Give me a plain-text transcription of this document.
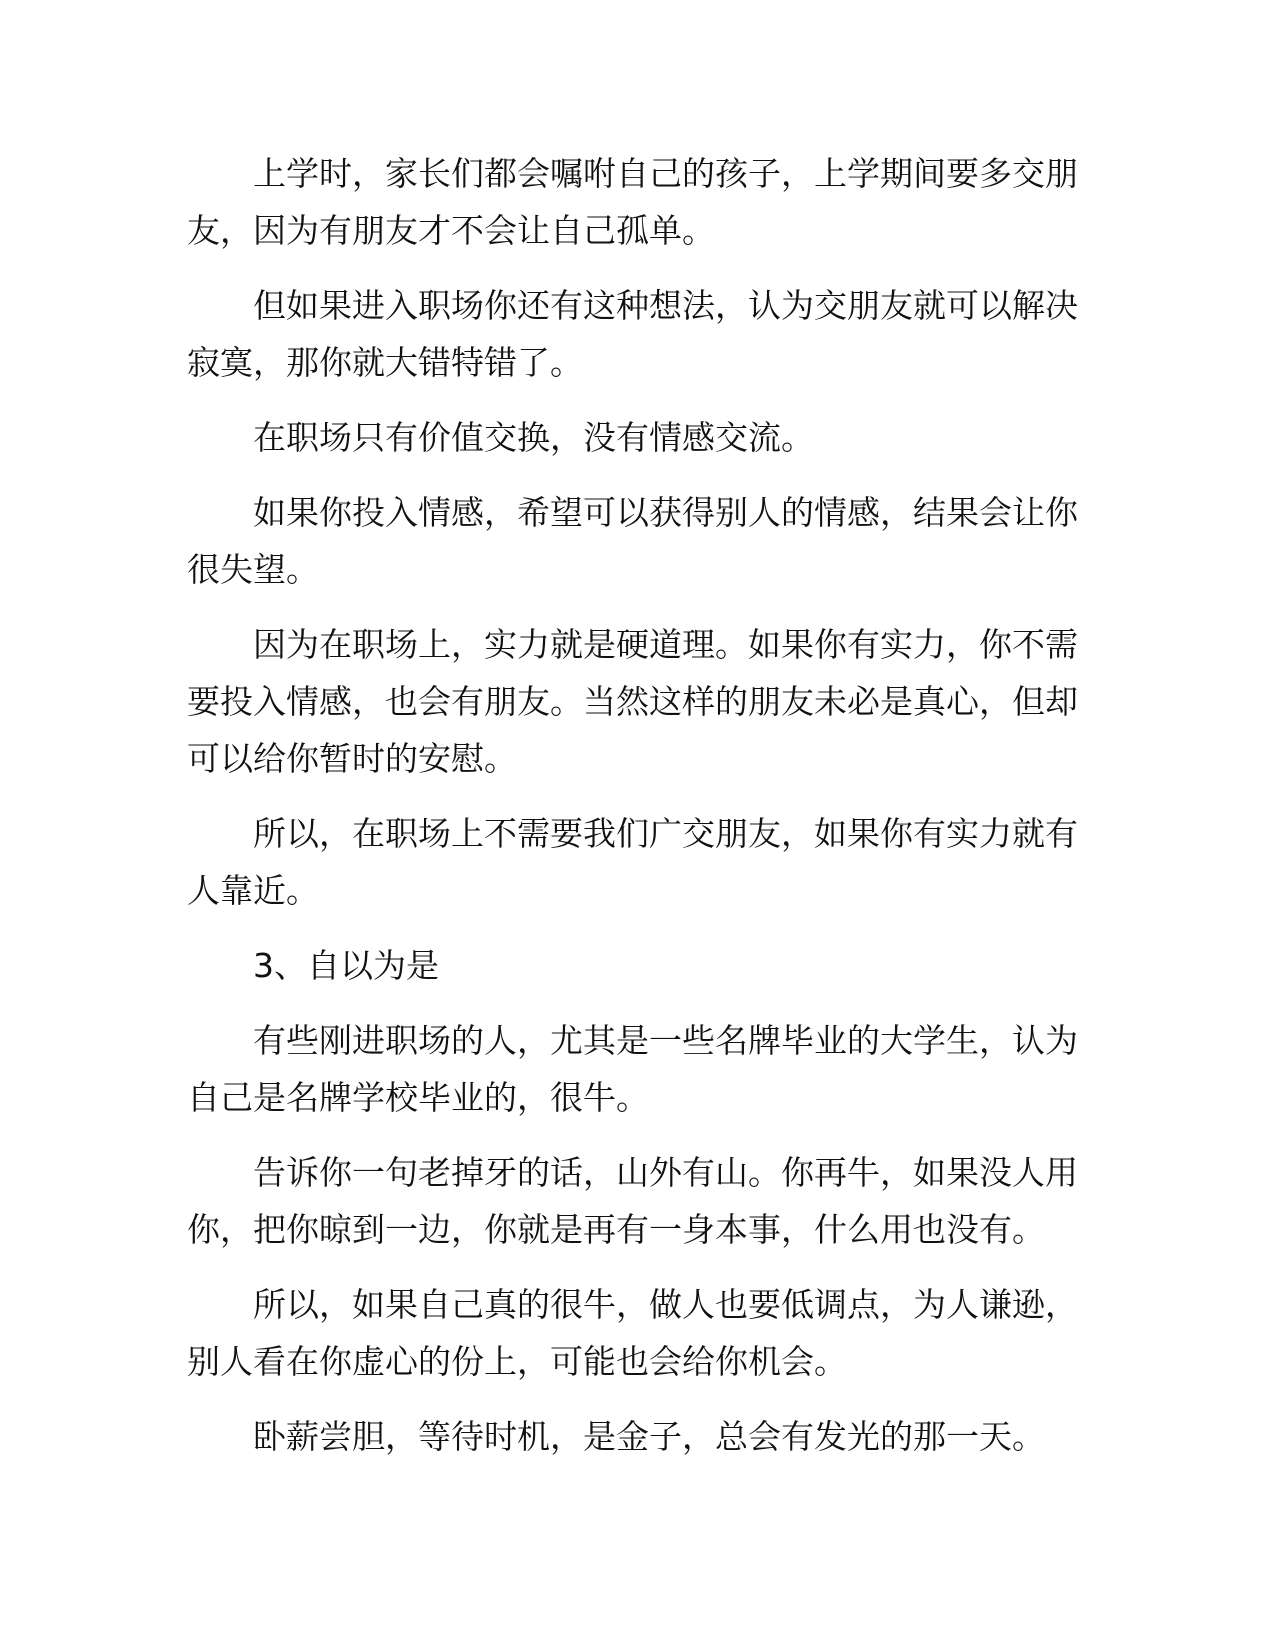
上学时，家长们都会嘱咐自己的孩子，上学期间要多交朋友，因为有朋友才不会让自己孤单。

但如果进入职场你还有这种想法，认为交朋友就可以解决寂寞，那你就大错特错了。

在职场只有价值交换，没有情感交流。

如果你投入情感，希望可以获得别人的情感，结果会让你很失望。

因为在职场上，实力就是硬道理。如果你有实力，你不需要投入情感，也会有朋友。当然这样的朋友未必是真心，但却可以给你暂时的安慰。

所以，在职场上不需要我们广交朋友，如果你有实力就有人靠近。

3、自以为是

有些刚进职场的人，尤其是一些名牌毕业的大学生，认为自己是名牌学校毕业的，很牛。

告诉你一句老掉牙的话，山外有山。你再牛，如果没人用你，把你晾到一边，你就是再有一身本事，什么用也没有。

所以，如果自己真的很牛，做人也要低调点，为人谦逊，别人看在你虚心的份上，可能也会给你机会。

卧薪尝胆，等待时机，是金子，总会有发光的那一天。
